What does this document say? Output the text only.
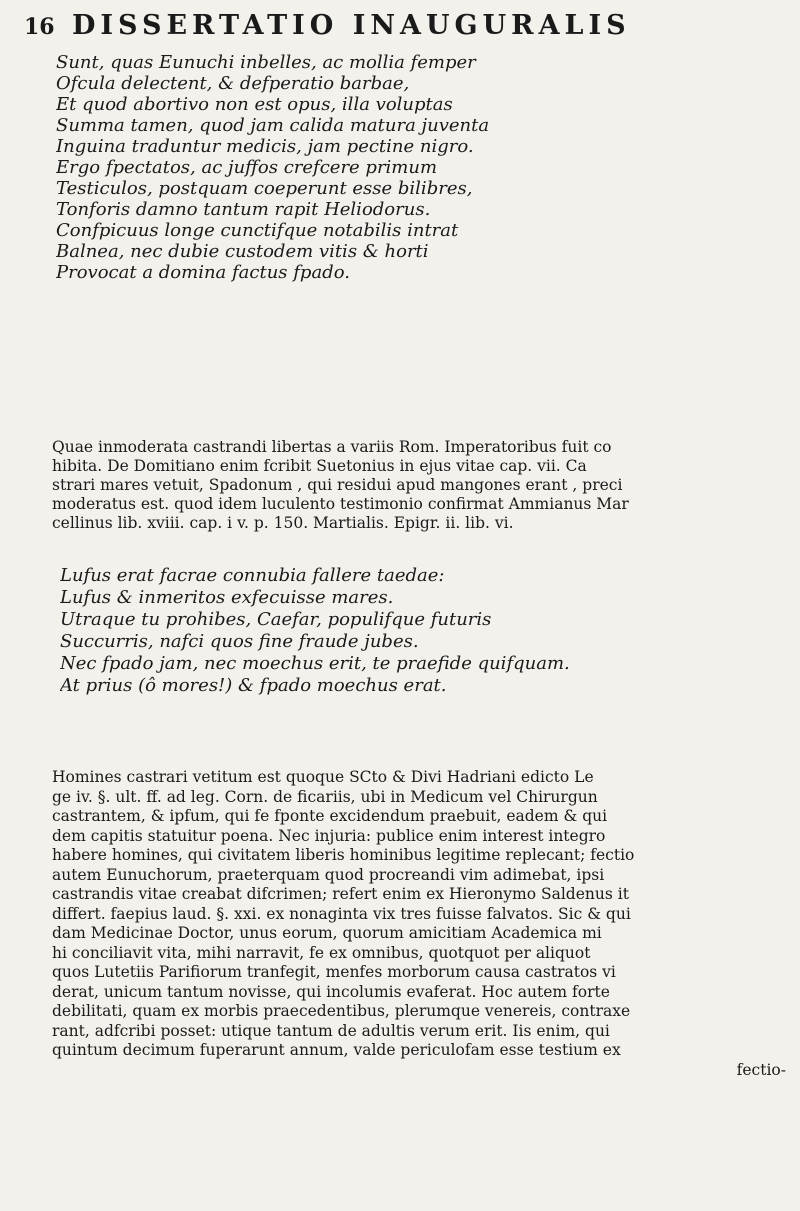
16 DISSERTATIO INAUGURALIS
Sunt, quas Eunuchi inbelles, ac mollia femper
Ofcula delectent, & defperatio barbae,
Et quod abortivo non est opus, illa voluptas
Summa tamen, quod jam calida matura juventa
Inguina traduntur medicis, jam pectine nigro.
Ergo fpectatos, ac juffos crefcere primum
Testiculos, postquam coeperunt esse bilibres,
Tonforis damno tantum rapit Heliodorus.
Confpicuus longe cunctifque notabilis intrat
Balnea, nec dubie custodem vitis & horti
Provocat a domina factus fpado.
Quae inmoderata castrandi libertas a variis Rom. Imperatoribus fuit co
hibita. De Domitiano enim fcribit Suetonius in ejus vitae cap. vii. Ca
strari mares vetuit, Spadonum , qui residui apud mangones erant , preci
moderatus est. quod idem luculento testimonio confirmat Ammianus Mar
cellinus lib. xviii. cap. i v. p. 150. Martialis. Epigr. ii. lib. vi.
Lufus erat facrae connubia fallere taedae:
Lufus & inmeritos exfecuisse mares.
Utraque tu prohibes, Caefar, populifque futuris
Succurris, nafci quos fine fraude jubes.
Nec fpado jam, nec moechus erit, te praefide quifquam.
At prius (ô mores!) & fpado moechus erat.
Homines castrari vetitum est quoque SCto & Divi Hadriani edicto Le
ge iv. §. ult. ff. ad leg. Corn. de ficariis, ubi in Medicum vel Chirurgun
castrantem, & ipfum, qui fe fponte excidendum praebuit, eadem & qui
dem capitis statuitur poena. Nec injuria: publice enim interest integro
habere homines, qui civitatem liberis hominibus legitime replecant; fectio
autem Eunuchorum, praeterquam quod procreandi vim adimebat, ipsi
castrandis vitae creabat difcrimen; refert enim ex Hieronymo Saldenus it
differt. faepius laud. §. xxi. ex nonaginta vix tres fuisse falvatos. Sic & qui
dam Medicinae Doctor, unus eorum, quorum amicitiam Academica mi
hi conciliavit vita, mihi narravit, fe ex omnibus, quotquot per aliquot
quos Lutetiis Parifiorum tranfegit, menfes morborum causa castratos vi
derat, unicum tantum novisse, qui incolumis evaferat. Hoc autem forte
debilitati, quam ex morbis praecedentibus, plerumque venereis, contraxe
rant, adfcribi posset: utique tantum de adultis verum erit. Iis enim, qui
quintum decimum fuperarunt annum, valde periculofam esse testium ex
fectio-
